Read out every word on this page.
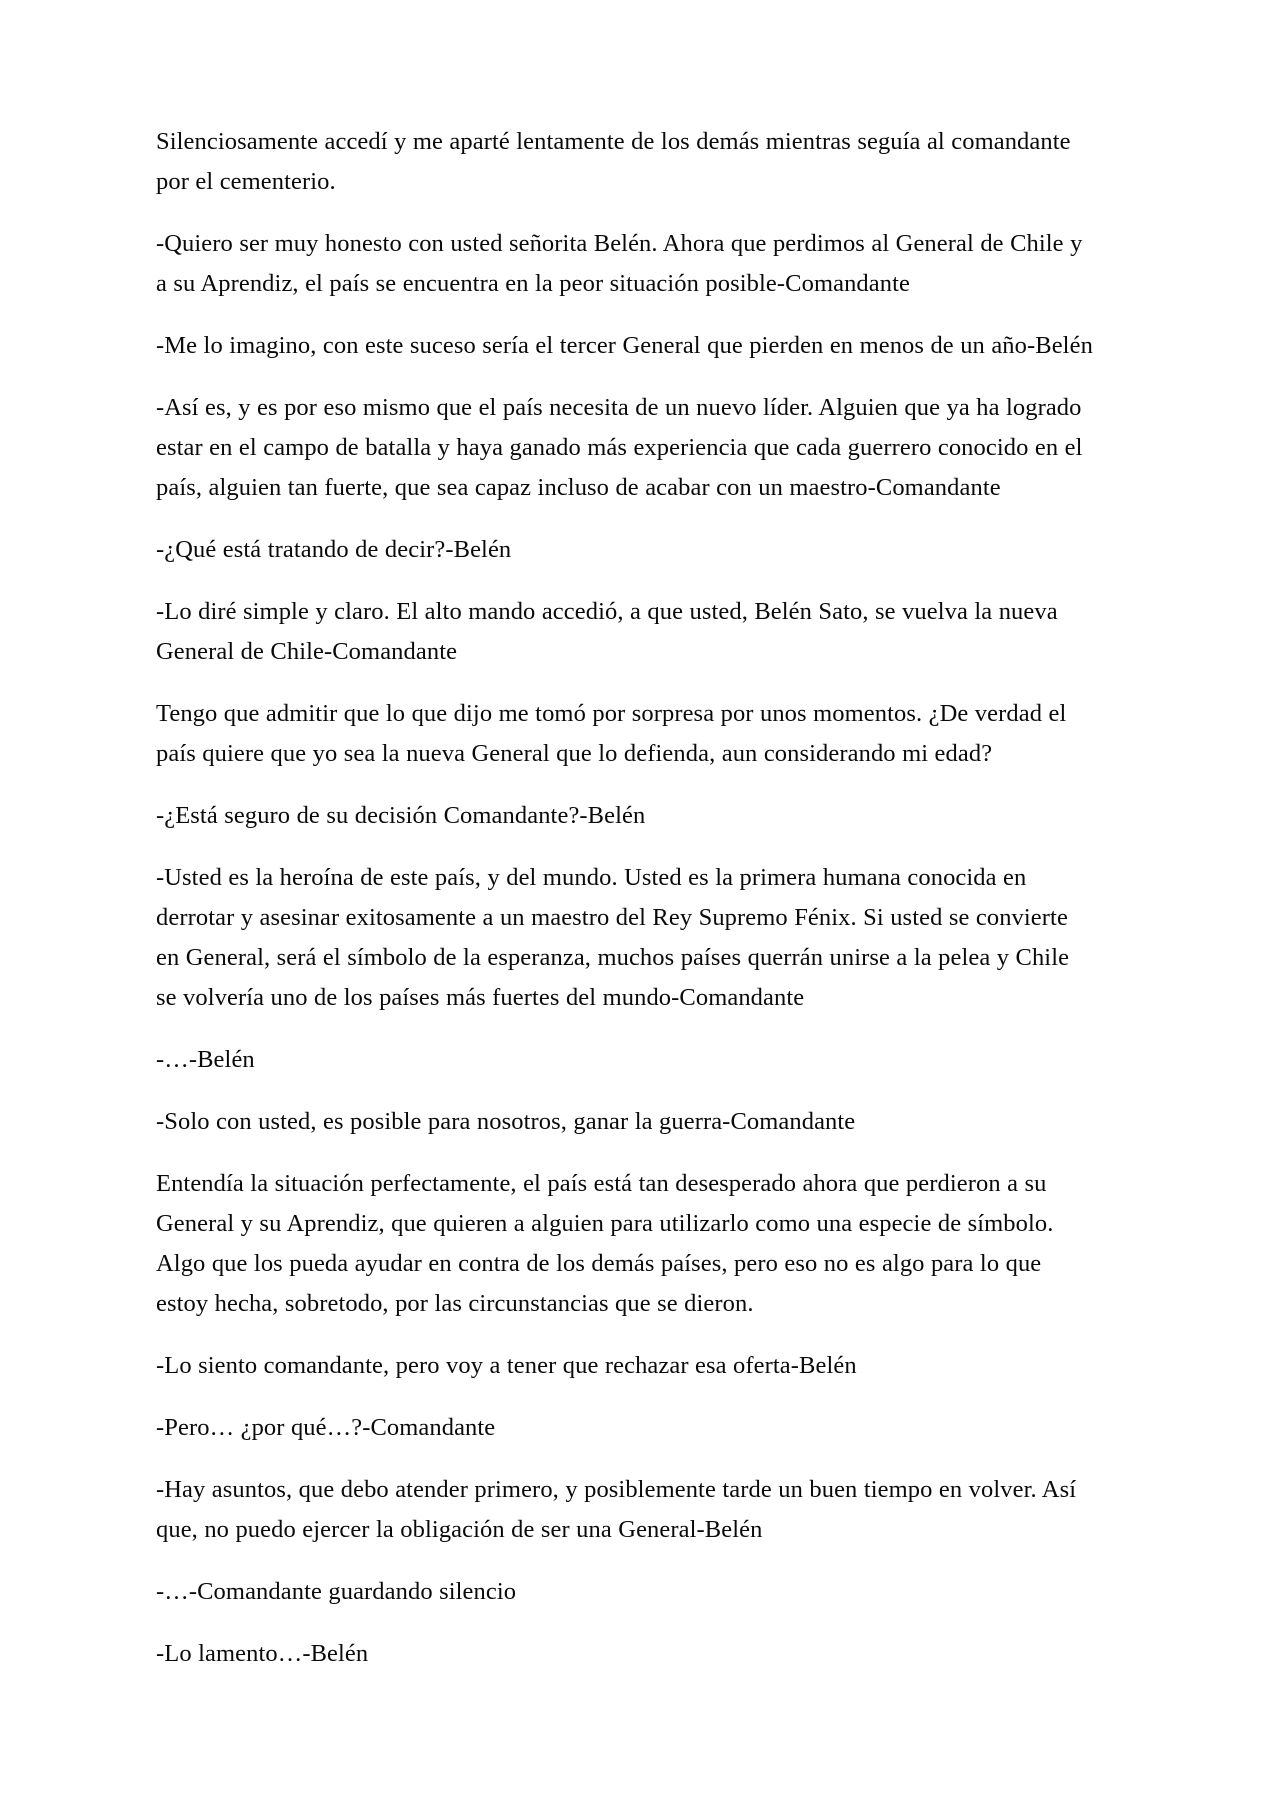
Silenciosamente accedí y me aparté lentamente de los demás mientras seguía al comandante por el cementerio.

-Quiero ser muy honesto con usted señorita Belén. Ahora que perdimos al General de Chile y a su Aprendiz, el país se encuentra en la peor situación posible-Comandante

-Me lo imagino, con este suceso sería el tercer General que pierden en menos de un año-Belén

-Así es, y es por eso mismo que el país necesita de un nuevo líder. Alguien que ya ha logrado estar en el campo de batalla y haya ganado más experiencia que cada guerrero conocido en el país, alguien tan fuerte, que sea capaz incluso de acabar con un maestro-Comandante

-¿Qué está tratando de decir?-Belén

-Lo diré simple y claro. El alto mando accedió, a que usted, Belén Sato, se vuelva la nueva General de Chile-Comandante

Tengo que admitir que lo que dijo me tomó por sorpresa por unos momentos. ¿De verdad el país quiere que yo sea la nueva General que lo defienda, aun considerando mi edad?

-¿Está seguro de su decisión Comandante?-Belén

-Usted es la heroína de este país, y del mundo. Usted es la primera humana conocida en derrotar y asesinar exitosamente a un maestro del Rey Supremo Fénix. Si usted se convierte en General, será el símbolo de la esperanza, muchos países querrán unirse a la pelea y Chile se volvería uno de los países más fuertes del mundo-Comandante

-…-Belén

-Solo con usted, es posible para nosotros, ganar la guerra-Comandante

Entendía la situación perfectamente, el país está tan desesperado ahora que perdieron a su General y su Aprendiz, que quieren a alguien para utilizarlo como una especie de símbolo. Algo que los pueda ayudar en contra de los demás países, pero eso no es algo para lo que estoy hecha, sobretodo, por las circunstancias que se dieron.

-Lo siento comandante, pero voy a tener que rechazar esa oferta-Belén

-Pero… ¿por qué…?-Comandante

-Hay asuntos, que debo atender primero, y posiblemente tarde un buen tiempo en volver. Así que, no puedo ejercer la obligación de ser una General-Belén

-…-Comandante guardando silencio

-Lo lamento…-Belén
